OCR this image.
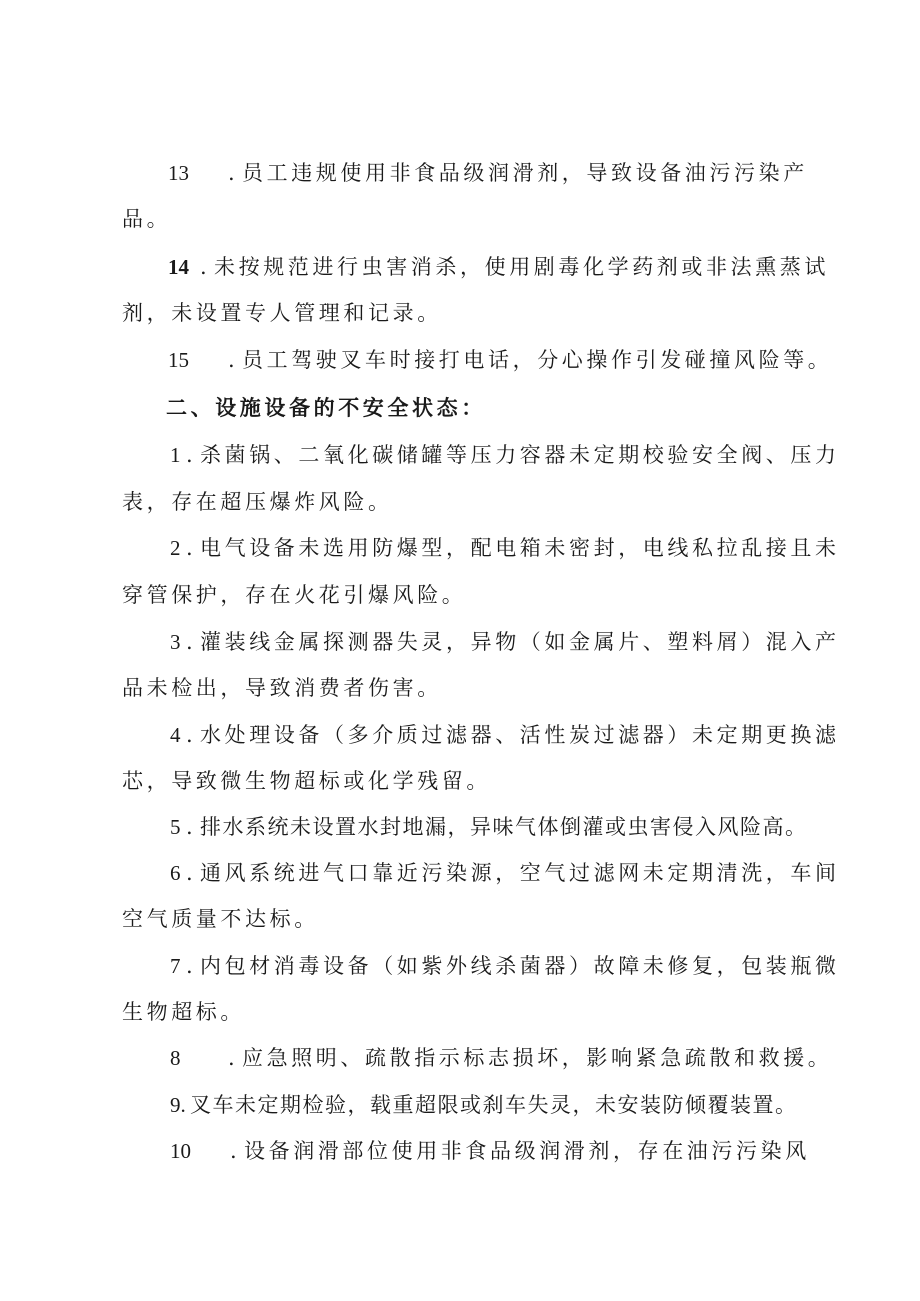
13 . 员工违规使用非食品级润滑剂，导致设备油污污染产
品。
14 . 未按规范进行虫害消杀，使用剧毒化学药剂或非法熏蒸试
剂，未设置专人管理和记录。
15 . 员工驾驶叉车时接打电话，分心操作引发碰撞风险等。
二、设施设备的不安全状态：
1 . 杀菌锅、二氧化碳储罐等压力容器未定期校验安全阀、压力
表，存在超压爆炸风险。
2 . 电气设备未选用防爆型，配电箱未密封，电线私拉乱接且未
穿管保护，存在火花引爆风险。
3 . 灌装线金属探测器失灵，异物（如金属片、塑料屑）混入产
品未检出，导致消费者伤害。
4 . 水处理设备（多介质过滤器、活性炭过滤器）未定期更换滤
芯，导致微生物超标或化学残留。
5 . 排水系统未设置水封地漏，异味气体倒灌或虫害侵入风险高。
6 . 通风系统进气口靠近污染源，空气过滤网未定期清洗，车间
空气质量不达标。
7 . 内包材消毒设备（如紫外线杀菌器）故障未修复，包装瓶微
生物超标。
8 . 应急照明、疏散指示标志损坏，影响紧急疏散和救援。
9. 叉车未定期检验，载重超限或刹车失灵，未安装防倾覆装置。
10 . 设备润滑部位使用非食品级润滑剂，存在油污污染风
